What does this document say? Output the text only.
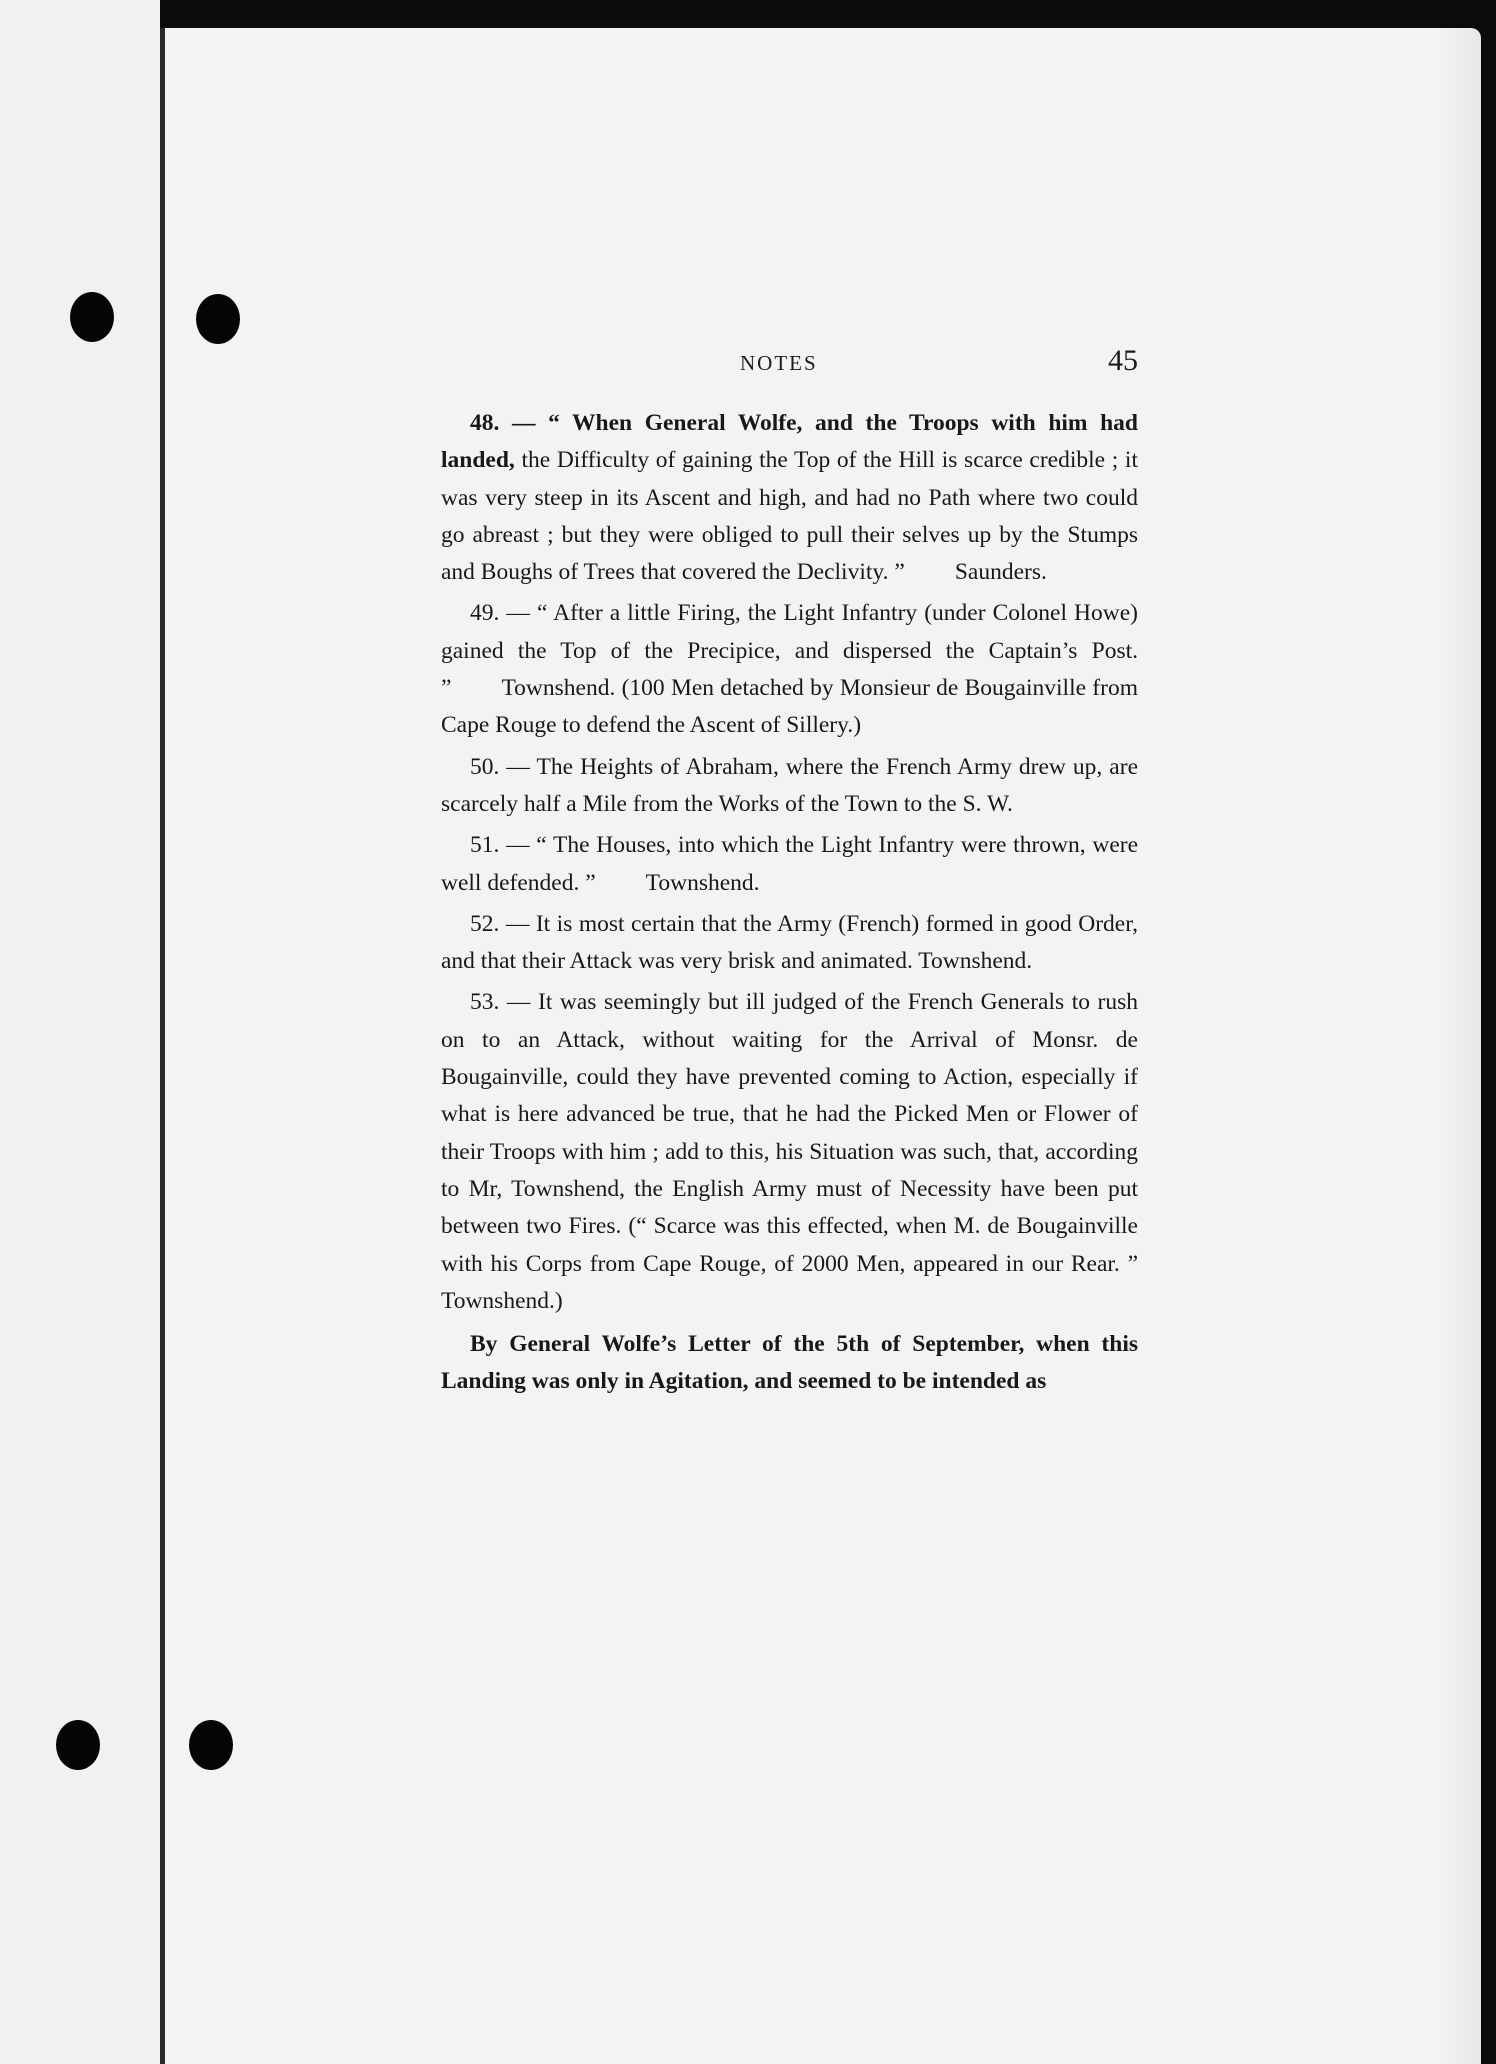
NOTES	45

48. — “ When General Wolfe, and the Troops with him had landed, the Difficulty of gaining the Top of the Hill is scarce credible ; it was very steep in its Ascent and high, and had no Path where two could go abreast ; but they were obliged to pull their selves up by the Stumps and Boughs of Trees that covered the Declivity. ” Saunders.

49. — “ After a little Firing, the Light Infantry (under Colonel Howe) gained the Top of the Precipice, and dispersed the Captain’s Post. ” Townshend. (100 Men detached by Monsieur de Bougainville from Cape Rouge to defend the Ascent of Sillery.)

50. — The Heights of Abraham, where the French Army drew up, are scarcely half a Mile from the Works of the Town to the S. W.

51. — “ The Houses, into which the Light Infantry were thrown, were well defended. ” Townshend.

52. — It is most certain that the Army (French) formed in good Order, and that their Attack was very brisk and animated. Townshend.

53. — It was seemingly but ill judged of the French Generals to rush on to an Attack, without waiting for the Arrival of Monsr. de Bougainville, could they have prevented coming to Action, especially if what is here advanced be true, that he had the Picked Men or Flower of their Troops with him ; add to this, his Situation was such, that, according to Mr, Townshend, the English Army must of Necessity have been put between two Fires. (“ Scarce was this effected, when M. de Bougainville with his Corps from Cape Rouge, of 2000 Men, appeared in our Rear. ” Townshend.)

By General Wolfe’s Letter of the 5th of September, when this Landing was only in Agitation, and seemed to be intended as
